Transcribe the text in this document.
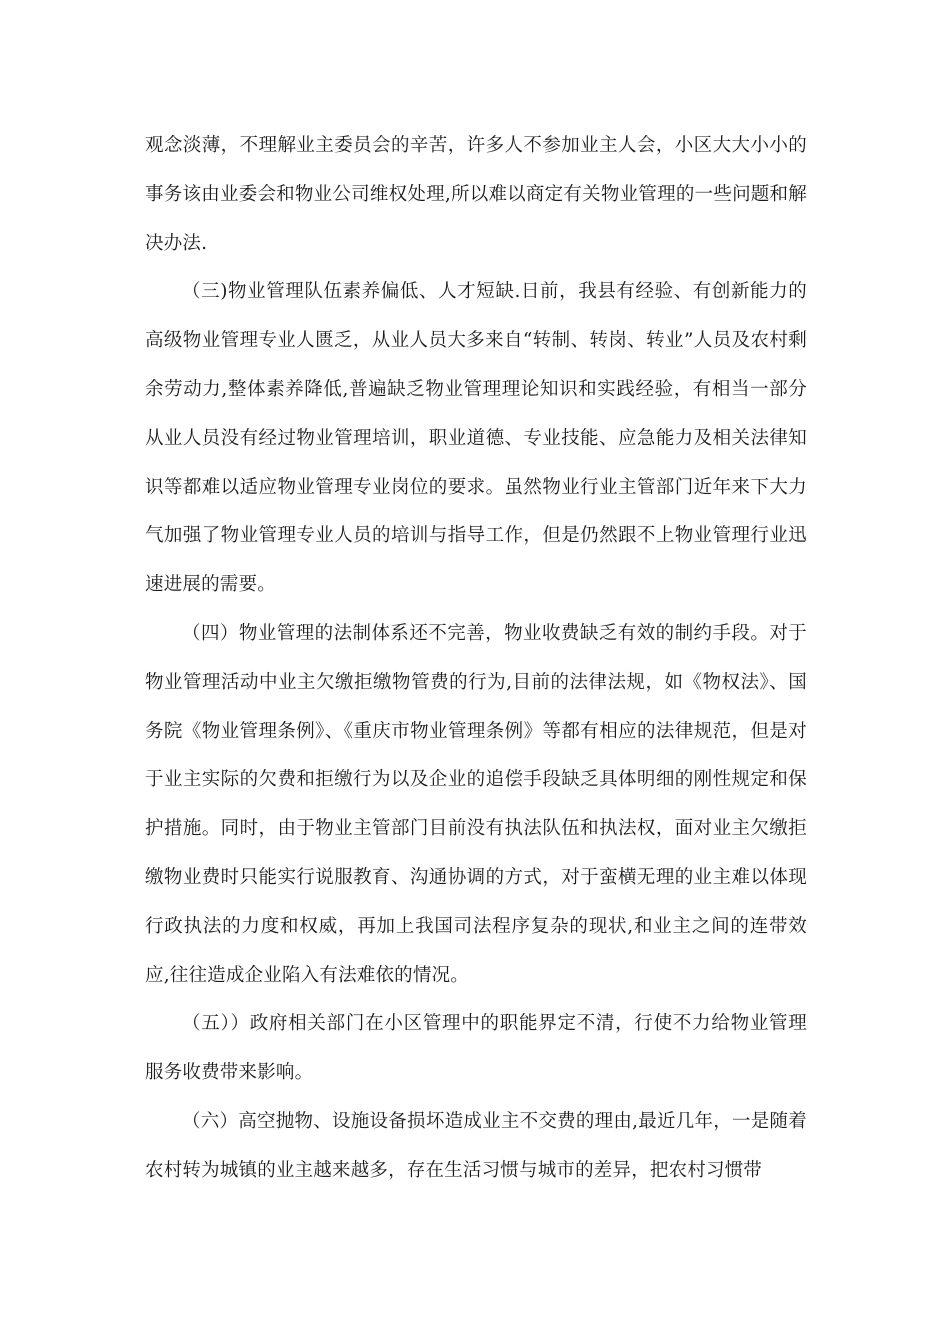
观念淡薄，不理解业主委员会的辛苦，许多人不参加业主人会，小区大大小小的事务该由业委会和物业公司维权处理,所以难以商定有关物业管理的一些问题和解决办法.

（三)物业管理队伍素养偏低、人才短缺.日前，我县有经验、有创新能力的高级物业管理专业人匮乏，从业人员大多来自“转制、转岗、转业”人员及农村剩余劳动力,整体素养降低,普遍缺乏物业管理理论知识和实践经验，有相当一部分从业人员没有经过物业管理培训，职业道德、专业技能、应急能力及相关法律知识等都难以适应物业管理专业岗位的要求。虽然物业行业主管部门近年来下大力气加强了物业管理专业人员的培训与指导工作，但是仍然跟不上物业管理行业迅速进展的需要。

（四）物业管理的法制体系还不完善，物业收费缺乏有效的制约手段。对于物业管理活动中业主欠缴拒缴物管费的行为,目前的法律法规，如《物权法》、国务院《物业管理条例》、《重庆市物业管理条例》等都有相应的法律规范，但是对于业主实际的欠费和拒缴行为以及企业的追偿手段缺乏具体明细的刚性规定和保护措施。同时，由于物业主管部门目前没有执法队伍和执法权，面对业主欠缴拒缴物业费时只能实行说服教育、沟通协调的方式，对于蛮横无理的业主难以体现行政执法的力度和权威，再加上我国司法程序复杂的现状,和业主之间的连带效应,往往造成企业陷入有法难依的情况。

（五））政府相关部门在小区管理中的职能界定不清，行使不力给物业管理服务收费带来影响。

（六）高空抛物、设施设备损坏造成业主不交费的理由,最近几年，一是随着农村转为城镇的业主越来越多，存在生活习惯与城市的差异，把农村习惯带
